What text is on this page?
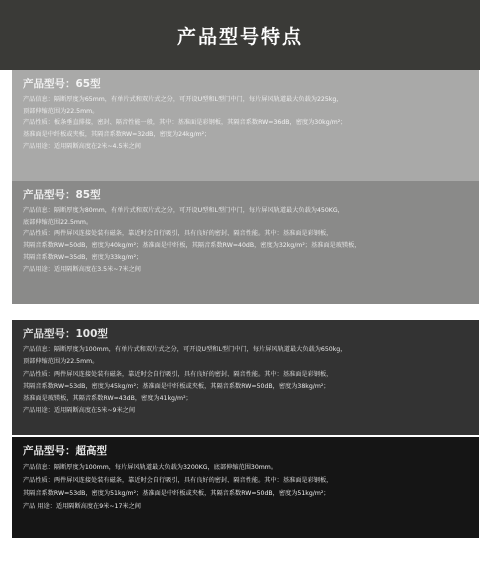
产品型号特点
产品型号：65型
产品信息：隔断厚度为65mm，有单片式和双片式之分，可开设U型和L型门中门，每片屏风轨道最大负载为225kg，
顶部伸缩范围为22.5mm。
产品性质：板条垂直排接，密封、隔音性能一般，其中：基准面是彩钢板，其隔音系数RW=36dB，密度为30kg/m²；
基准面是中纤板或夹板，其隔音系数RW=32dB，密度为24kg/m²；
产品用途：适用隔断高度在2米~4.5米之间
产品型号：85型
产品信息：隔断厚度为80mm，有单片式和双片式之分，可开设U型和L型门中门，每片屏风轨道最大负载为450KG，
底部伸缩范围22.5mm。
产品性质：两件屏风连接处装有磁条，靠近时会自行吸引，具有良好的密封、隔音性能。其中：基准面是彩钢板，
其隔音系数RW=50dB，密度为40kg/m²；基准面是中纤板，其隔音系数RW=40dB，密度为32kg/m²；基准面是玻镁板，
其隔音系数RW=35dB，密度为33kg/m²；
产品用途：适用隔断高度在3.5米~7米之间
产品型号：100型
产品信息：隔断厚度为100mm，有单片式和双片式之分，可开设U型和L型门中门，每片屏风轨道最大负载为650kg，
顶部伸缩范围为22.5mm。
产品性质：两件屏风连接处装有磁条，靠近时会自行吸引，具有良好的密封、隔音性能。其中：基准面是彩钢板，
其隔音系数RW=53dB，密度为45kg/m²；基准面是中纤板或夹板，其隔音系数RW=50dB，密度为38kg/m²；
基准面是玻镁板，其隔音系数RW=43dB，密度为41kg/m²；
产品用途：适用隔断高度在5米~9米之间
产品型号：超高型
产品信息：隔断厚度为100mm，每片屏风轨道最大负载为3200KG，底部伸缩范围30mm。
产品性质：两件屏风连接处装有磁条，靠近时会自行吸引，具有良好的密封、隔音性能。其中：基准面是彩钢板，
其隔音系数RW=53dB，密度为51kg/m²；基准面是中纤板或夹板，其隔音系数RW=50dB，密度为51kg/m²；
产品 用途：适用隔断高度在9米~17米之间
